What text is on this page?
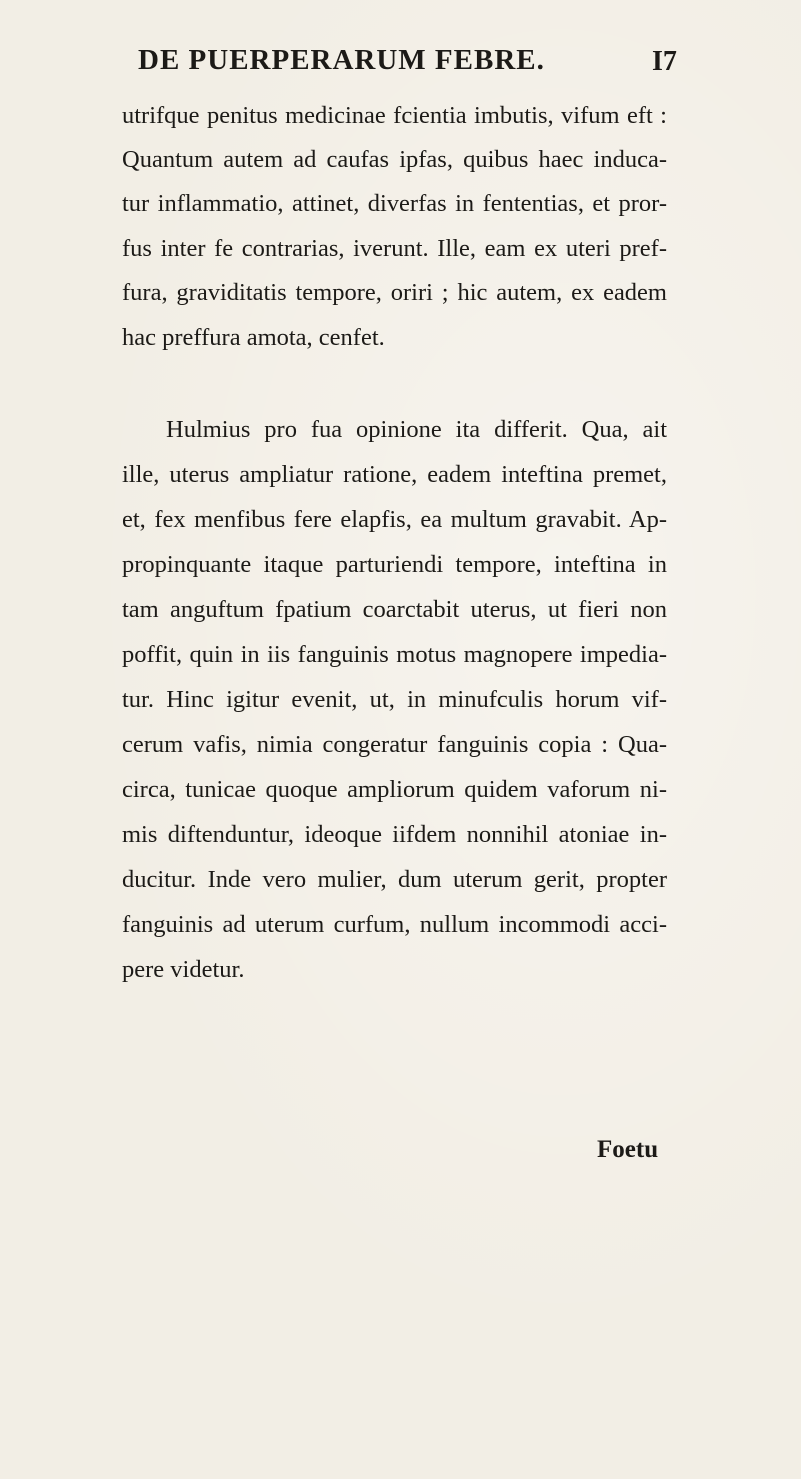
DE PUERPERARUM FEBRE.	I7
utrifque penitus medicinae fcientia imbutis, vifum eft :
Quantum autem ad caufas ipfas, quibus haec induca-
tur inflammatio, attinet, diverfas in fententias, et pror-
fus inter fe contrarias, iverunt. Ille, eam ex uteri pref-
fura, graviditatis tempore, oriri ; hic autem, ex eadem
hac preffura amota, cenfet.
Hulmius pro fua opinione ita differit. Qua, ait
ille, uterus ampliatur ratione, eadem inteftina premet,
et, fex menfibus fere elapfis, ea multum gravabit. Ap-
propinquante itaque parturiendi tempore, inteftina in
tam anguftum fpatium coarctabit uterus, ut fieri non
poffit, quin in iis fanguinis motus magnopere impedia-
tur. Hinc igitur evenit, ut, in minufculis horum vif-
cerum vafis, nimia congeratur fanguinis copia : Qua-
circa, tunicae quoque ampliorum quidem vaforum ni-
mis diftenduntur, ideoque iifdem nonnihil atoniae in-
ducitur. Inde vero mulier, dum uterum gerit, propter
fanguinis ad uterum curfum, nullum incommodi acci-
pere videtur.
Foetu
